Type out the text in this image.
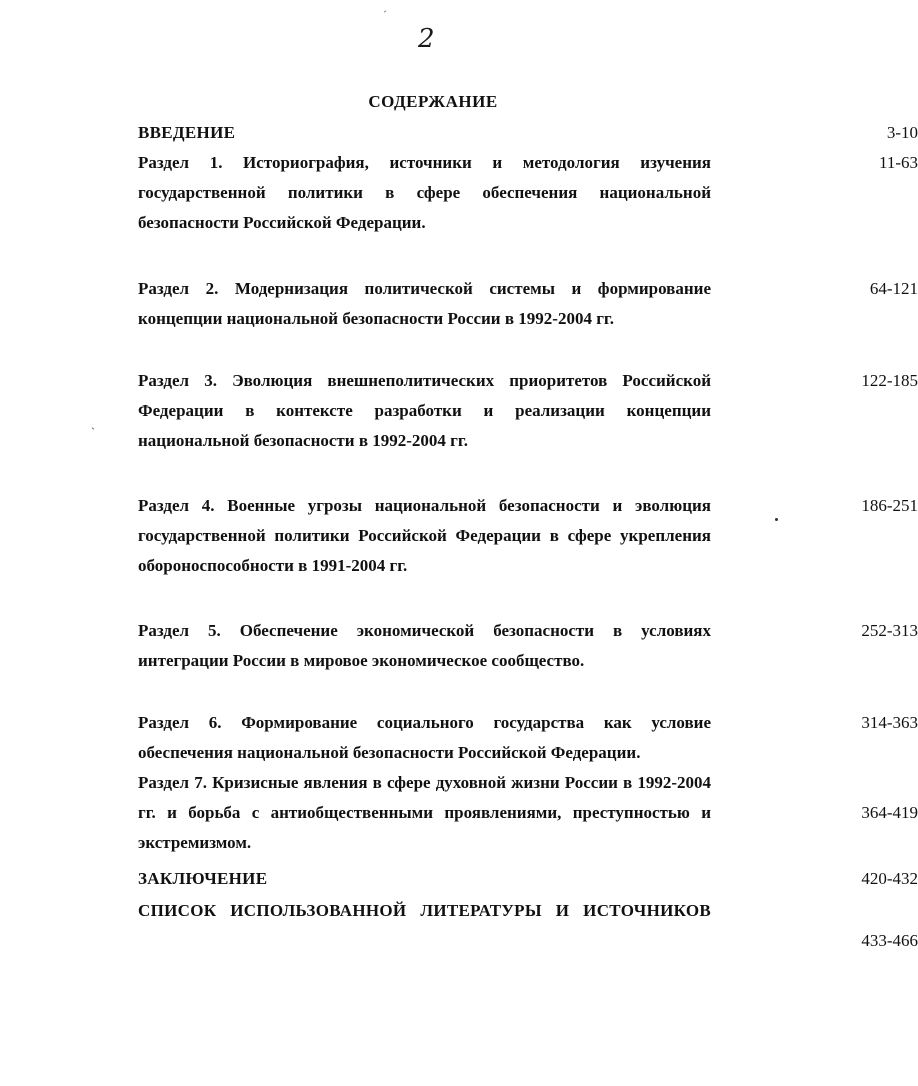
ˊ
2
ˎ
СОДЕРЖАНИЕ
ВВЕДЕНИЕ	3-10
Раздел 1. Историография, источники и методология изучения государственной политики в сфере обеспечения национальной безопасности Российской Федерации.
11-63
Раздел 2. Модернизация политической системы и формирование концепции национальной безопасности России в 1992-2004 гг.
64-121
Раздел 3. Эволюция внешнеполитических приоритетов Российской Федерации в контексте разработки и реализации концепции национальной безопасности в 1992-2004 гг.
122-185
Раздел 4. Военные угрозы национальной безопасности и эволюция государственной политики Российской Федерации в сфере укрепления обороноспособности в 1991-2004 гг.
186-251
Раздел 5. Обеспечение экономической безопасности в условиях интеграции России в мировое экономическое сообщество.
252-313
Раздел 6. Формирование социального государства как условие обеспечения национальной безопасности Российской Федерации.
314-363
Раздел 7. Кризисные явления в сфере духовной жизни России в 1992-2004 гг. и борьба с антиобщественными проявлениями, преступностью и экстремизмом.
364-419
ЗАКЛЮЧЕНИЕ	420-432
СПИСОК ИСПОЛЬЗОВАННОЙ ЛИТЕРАТУРЫ И ИСТОЧНИКОВ
433-466
